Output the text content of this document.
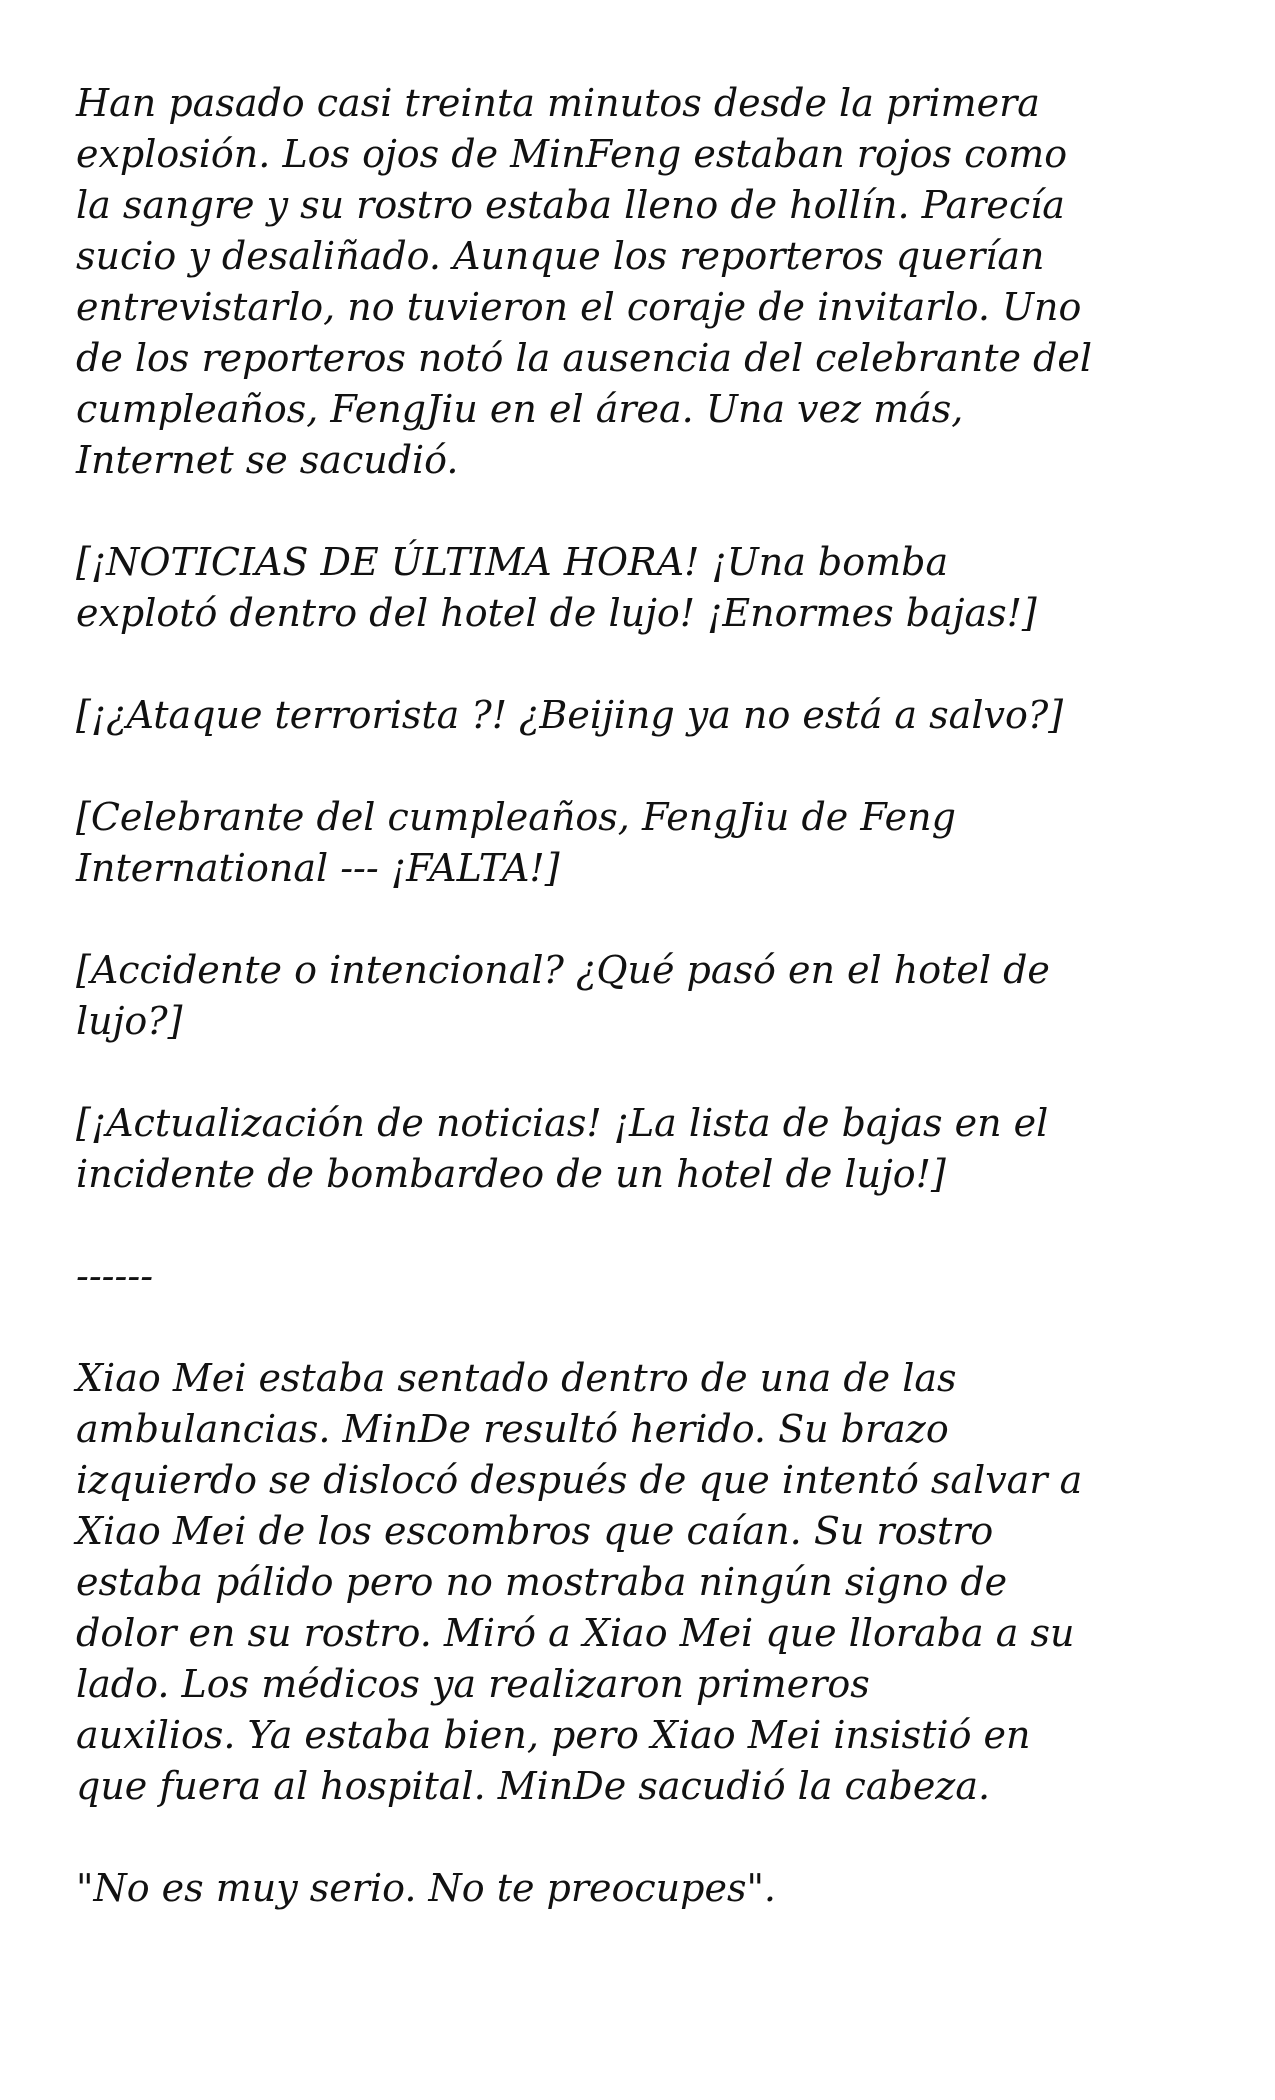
Han pasado casi treinta minutos desde la primera
explosión. Los ojos de MinFeng estaban rojos como
la sangre y su rostro estaba lleno de hollín. Parecía
sucio y desaliñado. Aunque los reporteros querían
entrevistarlo, no tuvieron el coraje de invitarlo. Uno
de los reporteros notó la ausencia del celebrante del
cumpleaños, FengJiu en el área. Una vez más,
Internet se sacudió.

[¡NOTICIAS DE ÚLTIMA HORA! ¡Una bomba
explotó dentro del hotel de lujo! ¡Enormes bajas!]

[¡¿Ataque terrorista ?! ¿Beijing ya no está a salvo?]

[Celebrante del cumpleaños, FengJiu de Feng
International --- ¡FALTA!]

[Accidente o intencional? ¿Qué pasó en el hotel de
lujo?]

[¡Actualización de noticias! ¡La lista de bajas en el
incidente de bombardeo de un hotel de lujo!]

------

Xiao Mei estaba sentado dentro de una de las
ambulancias. MinDe resultó herido. Su brazo
izquierdo se dislocó después de que intentó salvar a
Xiao Mei de los escombros que caían. Su rostro
estaba pálido pero no mostraba ningún signo de
dolor en su rostro. Miró a Xiao Mei que lloraba a su
lado. Los médicos ya realizaron primeros
auxilios. Ya estaba bien, pero Xiao Mei insistió en
que fuera al hospital. MinDe sacudió la cabeza.

"No es muy serio. No te preocupes".
